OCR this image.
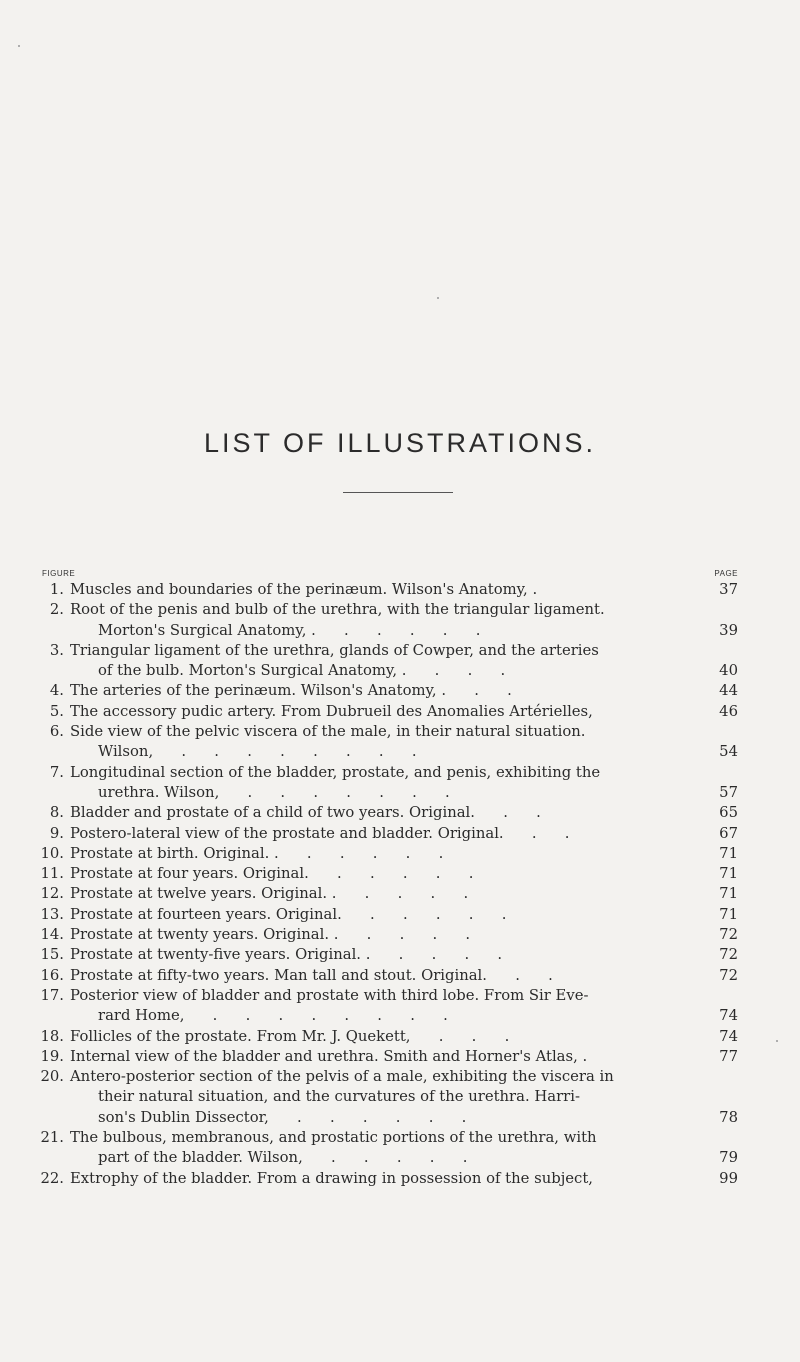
LIST OF ILLUSTRATIONS.
FIGURE	PAGE
1. Muscles and boundaries of the perinæum. Wilson's Anatomy, .	37
2. Root of the penis and bulb of the urethra, with the triangular ligament.
Morton's Surgical Anatomy, .      .      .      .      .      .	39
3. Triangular ligament of the urethra, glands of Cowper, and the arteries
of the bulb. Morton's Surgical Anatomy, .      .      .      .	40
4. The arteries of the perinæum. Wilson's Anatomy, .      .      .	44
5. The accessory pudic artery. From Dubrueil des Anomalies Artérielles,	46
6. Side view of the pelvic viscera of the male, in their natural situation.
Wilson,      .      .      .      .      .      .      .      .	54
7. Longitudinal section of the bladder, prostate, and penis, exhibiting the
urethra. Wilson,      .      .      .      .      .      .      .	57
8. Bladder and prostate of a child of two years. Original.      .      .	65
9. Postero-lateral view of the prostate and bladder. Original.      .      .	67
10. Prostate at birth. Original. .      .      .      .      .      .	71
11. Prostate at four years. Original.      .      .      .      .      .	71
12. Prostate at twelve years. Original. .      .      .      .      .	71
13. Prostate at fourteen years. Original.      .      .      .      .      .	71
14. Prostate at twenty years. Original. .      .      .      .      .	72
15. Prostate at twenty-five years. Original. .      .      .      .      .	72
16. Prostate at fifty-two years. Man tall and stout. Original.      .      .	72
17. Posterior view of bladder and prostate with third lobe. From Sir Eve-
rard Home,      .      .      .      .      .      .      .      .	74
18. Follicles of the prostate. From Mr. J. Quekett,      .      .      .	74
19. Internal view of the bladder and urethra. Smith and Horner's Atlas, .	77
20. Antero-posterior section of the pelvis of a male, exhibiting the viscera in
their natural situation, and the curvatures of the urethra. Harri-
son's Dublin Dissector,      .      .      .      .      .      .	78
21. The bulbous, membranous, and prostatic portions of the urethra, with
part of the bladder. Wilson,      .      .      .      .      .	79
22. Extrophy of the bladder. From a drawing in possession of the subject,	99
